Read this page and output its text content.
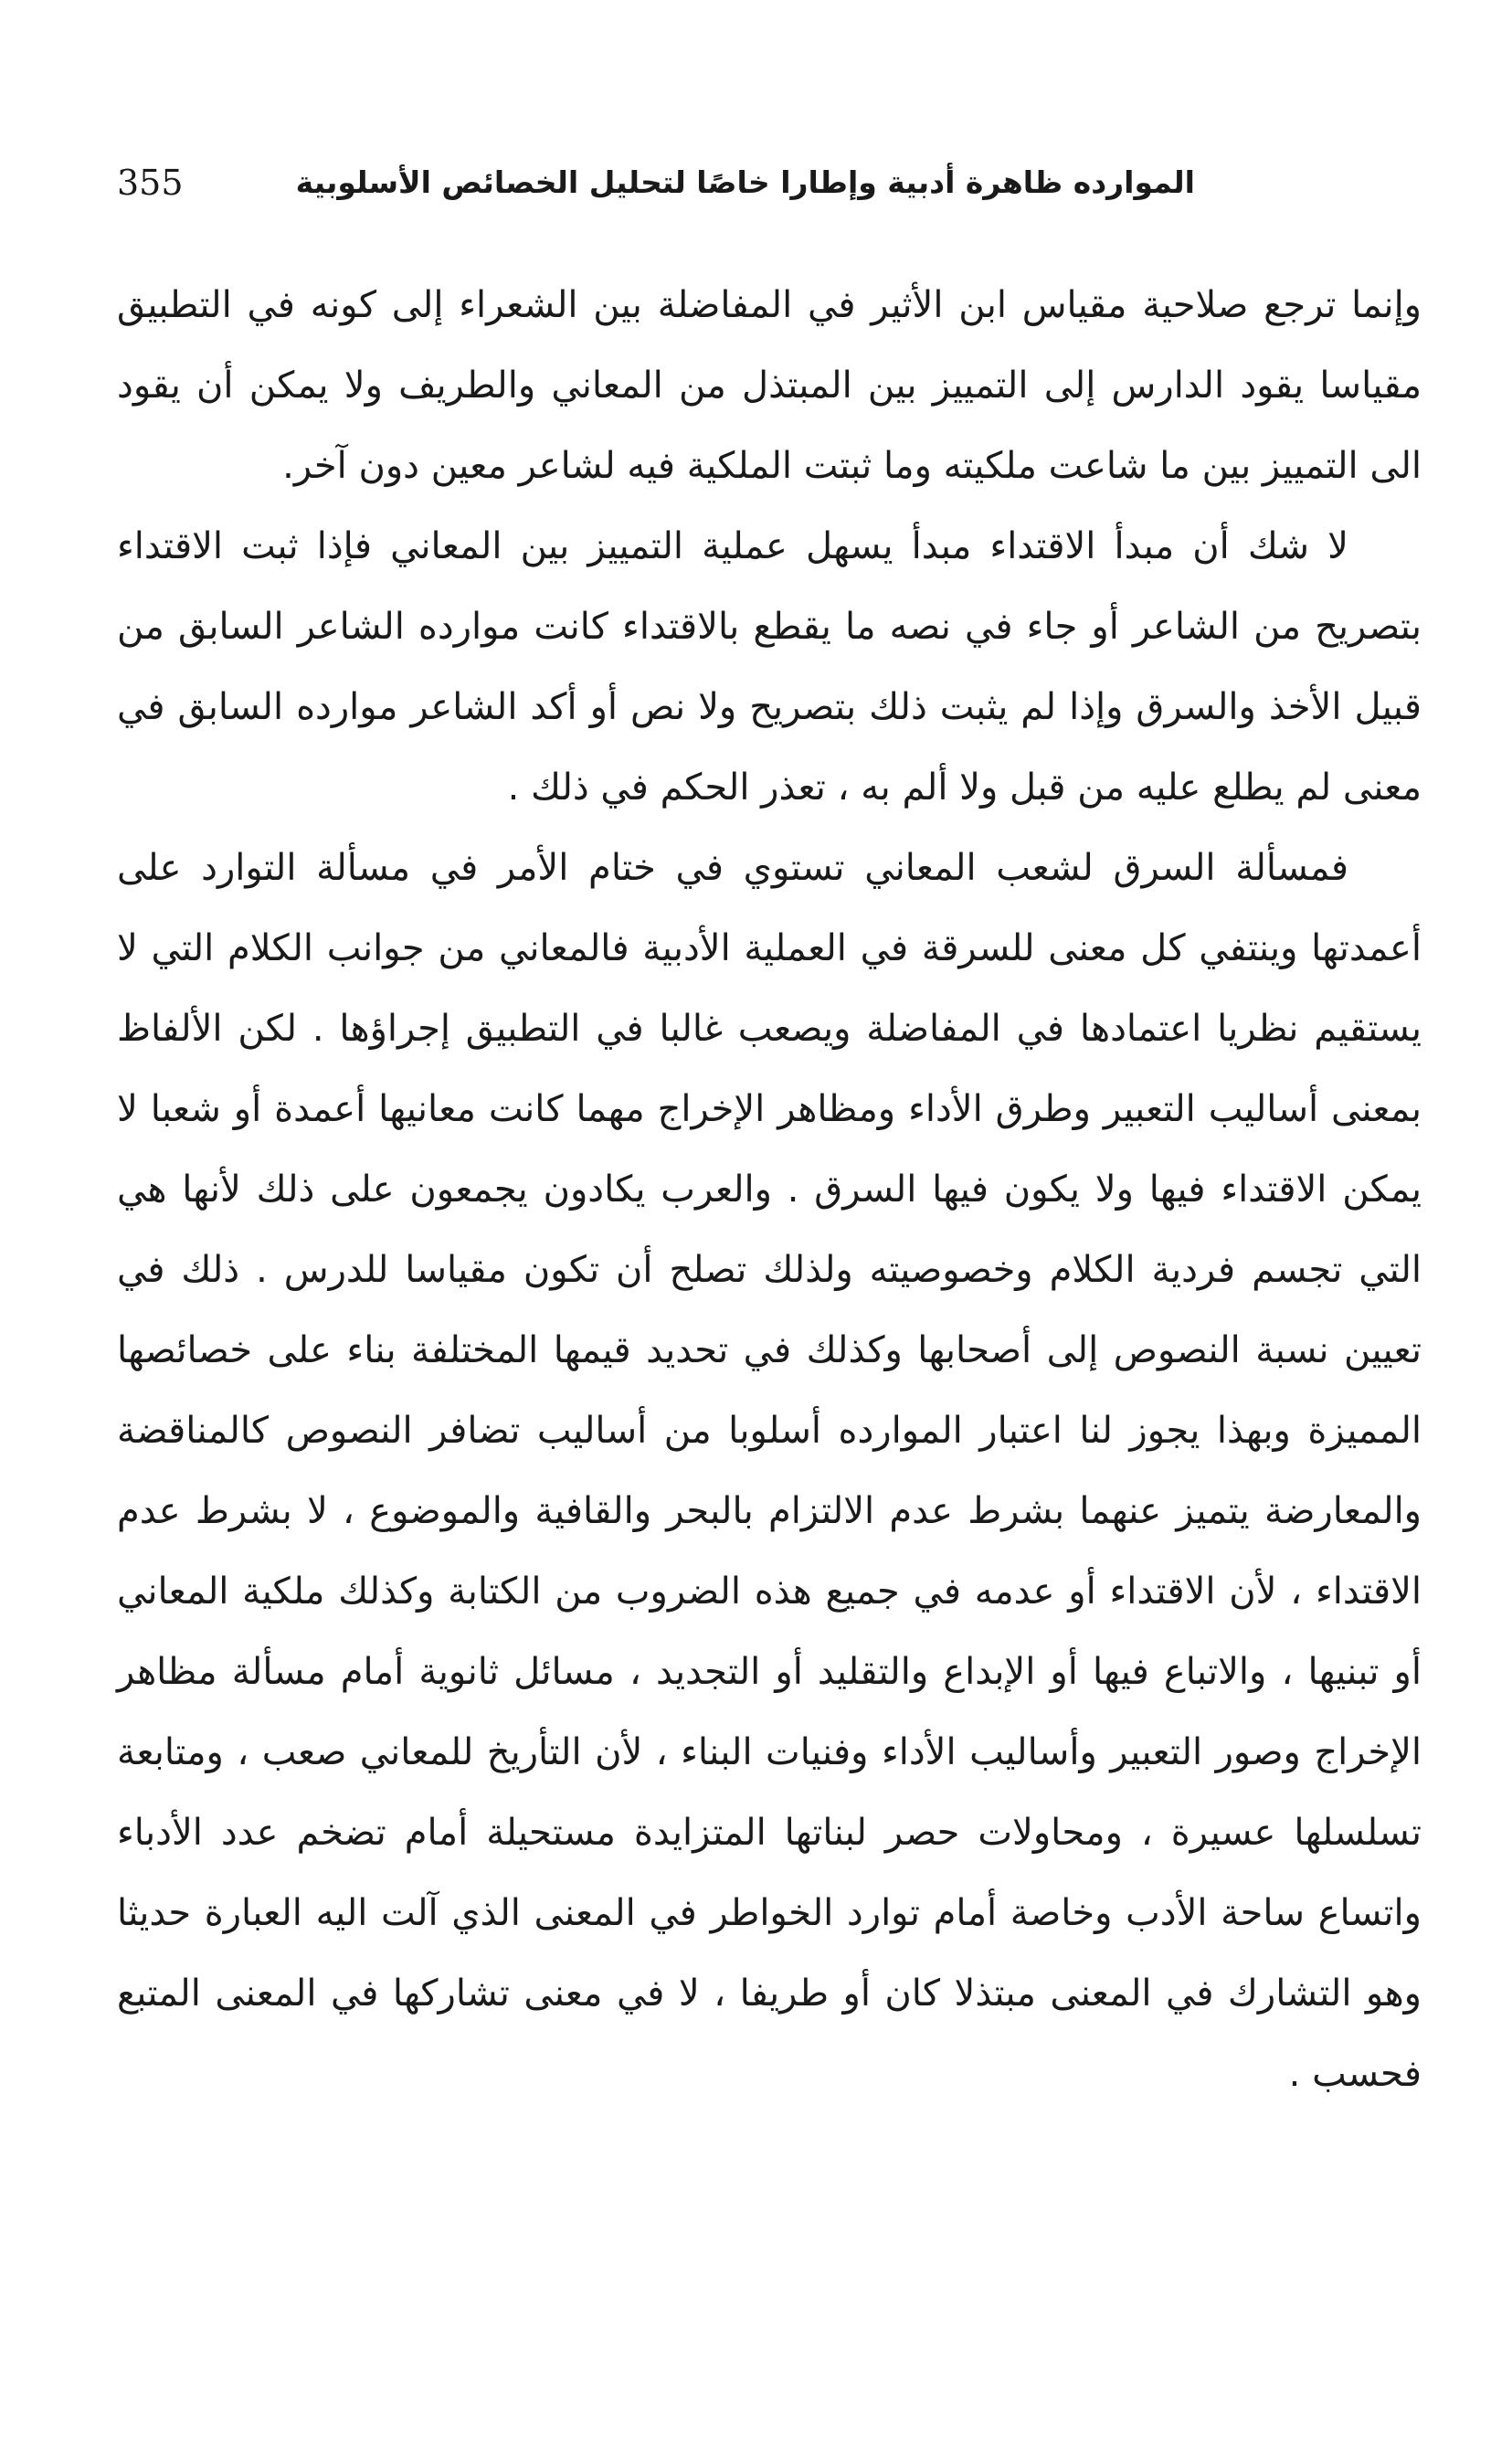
355	الموارده ظاهرة أدبية وإطارا خاصًا لتحليل الخصائص الأسلوبية

وإنما ترجع صلاحية مقياس ابن الأثير في المفاضلة بين الشعراء إلى كونه في التطبيق مقياسا يقود الدارس إلى التمييز بين المبتذل من المعاني والطريف ولا يمكن أن يقود الى التمييز بين ما شاعت ملكيته وما ثبتت الملكية فيه لشاعر معين دون آخر.

لا شك أن مبدأ الاقتداء مبدأ يسهل عملية التمييز بين المعاني فإذا ثبت الاقتداء بتصريح من الشاعر أو جاء في نصه ما يقطع بالاقتداء كانت موارده الشاعر السابق من قبيل الأخذ والسرق وإذا لم يثبت ذلك بتصريح ولا نص أو أكد الشاعر موارده السابق في معنى لم يطلع عليه من قبل ولا ألم به ، تعذر الحكم في ذلك .

فمسألة السرق لشعب المعاني تستوي في ختام الأمر في مسألة التوارد على أعمدتها وينتفي كل معنى للسرقة في العملية الأدبية فالمعاني من جوانب الكلام التي لا يستقيم نظريا اعتمادها في المفاضلة ويصعب غالبا في التطبيق إجراؤها . لكن الألفاظ بمعنى أساليب التعبير وطرق الأداء ومظاهر الإخراج مهما كانت معانيها أعمدة أو شعبا لا يمكن الاقتداء فيها ولا يكون فيها السرق . والعرب يكادون يجمعون على ذلك لأنها هي التي تجسم فردية الكلام وخصوصيته ولذلك تصلح أن تكون مقياسا للدرس . ذلك في تعيين نسبة النصوص إلى أصحابها وكذلك في تحديد قيمها المختلفة بناء على خصائصها المميزة وبهذا يجوز لنا اعتبار الموارده أسلوبا من أساليب تضافر النصوص كالمناقضة والمعارضة يتميز عنهما بشرط عدم الالتزام بالبحر والقافية والموضوع ، لا بشرط عدم الاقتداء ، لأن الاقتداء أو عدمه في جميع هذه الضروب من الكتابة وكذلك ملكية المعاني أو تبنيها ، والاتباع فيها أو الإبداع والتقليد أو التجديد ، مسائل ثانوية أمام مسألة مظاهر الإخراج وصور التعبير وأساليب الأداء وفنيات البناء ، لأن التأريخ للمعاني صعب ، ومتابعة تسلسلها عسيرة ، ومحاولات حصر لبناتها المتزايدة مستحيلة أمام تضخم عدد الأدباء واتساع ساحة الأدب وخاصة أمام توارد الخواطر في المعنى الذي آلت اليه العبارة حديثا وهو التشارك في المعنى مبتذلا كان أو طريفا ، لا في معنى تشاركها في المعنى المتبع فحسب .
